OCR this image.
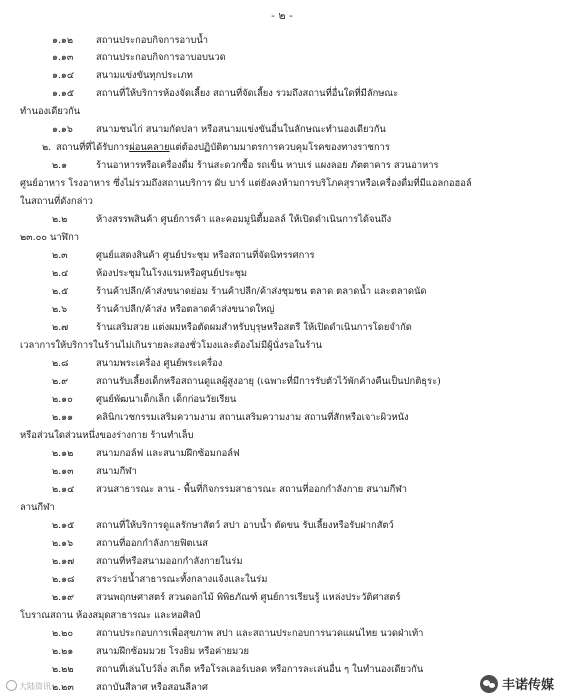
- ๒ -
๑.๑๒ สถานประกอบกิจการอาบน้ำ
๑.๑๓ สถานประกอบกิจการอาบอบนวด
๑.๑๔ สนามแข่งขันทุกประเภท
๑.๑๕ สถานที่ให้บริการห้องจัดเลี้ยง สถานที่จัดเลี้ยง รวมถึงสถานที่อื่นใดที่มีลักษณะ
ทำนองเดียวกัน
๑.๑๖ สนามชนไก่ สนามกัดปลา หรือสนามแข่งขันอื่นในลักษณะทำนองเดียวกัน
๒. สถานที่ที่ได้รับการผ่อนคลายแต่ต้องปฏิบัติตามมาตรการควบคุมโรคของทางราชการ
๒.๑	ร้านอาหารหรือเครื่องดื่ม ร้านสะดวกซื้อ รถเข็น หาบเร่ แผงลอย ภัตตาคาร สวนอาหาร
ศูนย์อาหาร โรงอาหาร ซึ่งไม่รวมถึงสถานบริการ ผับ บาร์ แต่ยังคงห้ามการบริโภคสุราหรือเครื่องดื่มที่มีแอลกอฮอล์
ในสถานที่ดังกล่าว
๒.๒	ห้างสรรพสินค้า ศูนย์การค้า และคอมมูนิตี้มอลล์ ให้เปิดดำเนินการได้จนถึง
๒๓.๐๐ นาฬิกา
๒.๓	ศูนย์แสดงสินค้า ศูนย์ประชุม หรือสถานที่จัดนิทรรศการ
๒.๔	ห้องประชุมในโรงแรมหรือศูนย์ประชุม
๒.๕	ร้านค้าปลีก/ค้าส่งขนาดย่อม ร้านค้าปลีก/ค้าส่งชุมชน ตลาด ตลาดน้ำ และตลาดนัด
๒.๖	ร้านค้าปลีก/ค้าส่ง หรือตลาดค้าส่งขนาดใหญ่
๒.๗	ร้านเสริมสวย แต่งผมหรือตัดผมสำหรับบุรุษหรือสตรี ให้เปิดดำเนินการโดยจำกัด
เวลาการให้บริการในร้านไม่เกินรายละสองชั่วโมงและต้องไม่มีผู้นั่งรอในร้าน
๒.๘	สนามพระเครื่อง ศูนย์พระเครื่อง
๒.๙	สถานรับเลี้ยงเด็กหรือสถานดูแลผู้สูงอายุ (เฉพาะที่มีการรับตัวไว้พักค้างคืนเป็นปกติธุระ)
๒.๑๐ ศูนย์พัฒนาเด็กเล็ก เด็กก่อนวัยเรียน
๒.๑๑ คลินิกเวชกรรมเสริมความงาม สถานเสริมความงาม สถานที่สักหรือเจาะผิวหนัง
หรือส่วนใดส่วนหนึ่งของร่างกาย ร้านทำเล็บ
๒.๑๒ สนามกอล์ฟ และสนามฝึกซ้อมกอล์ฟ
๒.๑๓ สนามกีฬา
๒.๑๔ สวนสาธารณะ ลาน - พื้นที่กิจกรรมสาธารณะ สถานที่ออกกำลังกาย สนามกีฬา
ลานกีฬา
๒.๑๕ สถานที่ให้บริการดูแลรักษาสัตว์ สปา อาบน้ำ ตัดขน รับเลี้ยงหรือรับฝากสัตว์
๒.๑๖ สถานที่ออกกำลังกายฟิตเนส
๒.๑๗ สถานที่หรือสนามออกกำลังกายในร่ม
๒.๑๘ สระว่ายน้ำสาธารณะทั้งกลางแจ้งและในร่ม
๒.๑๙ สวนพฤกษศาสตร์ สวนดอกไม้ พิพิธภัณฑ์ ศูนย์การเรียนรู้ แหล่งประวัติศาสตร์
โบราณสถาน ห้องสมุดสาธารณะ และหอศิลป์
๒.๒๐ สถานประกอบการเพื่อสุขภาพ สปา และสถานประกอบการนวดแผนไทย นวดฝ่าเท้า
๒.๒๑ สนามฝึกซ้อมมวย โรงยิม หรือค่ายมวย
๒.๒๒ สถานที่เล่นโบว์ลิ่ง สเก็ต หรือโรลเลอร์เบลด หรือการละเล่นอื่น ๆ ในทำนองเดียวกัน
๒.๒๓ สถาบันสีลาศ หรือสอนลีลาศ
大陆资讯	丰诺传媒
